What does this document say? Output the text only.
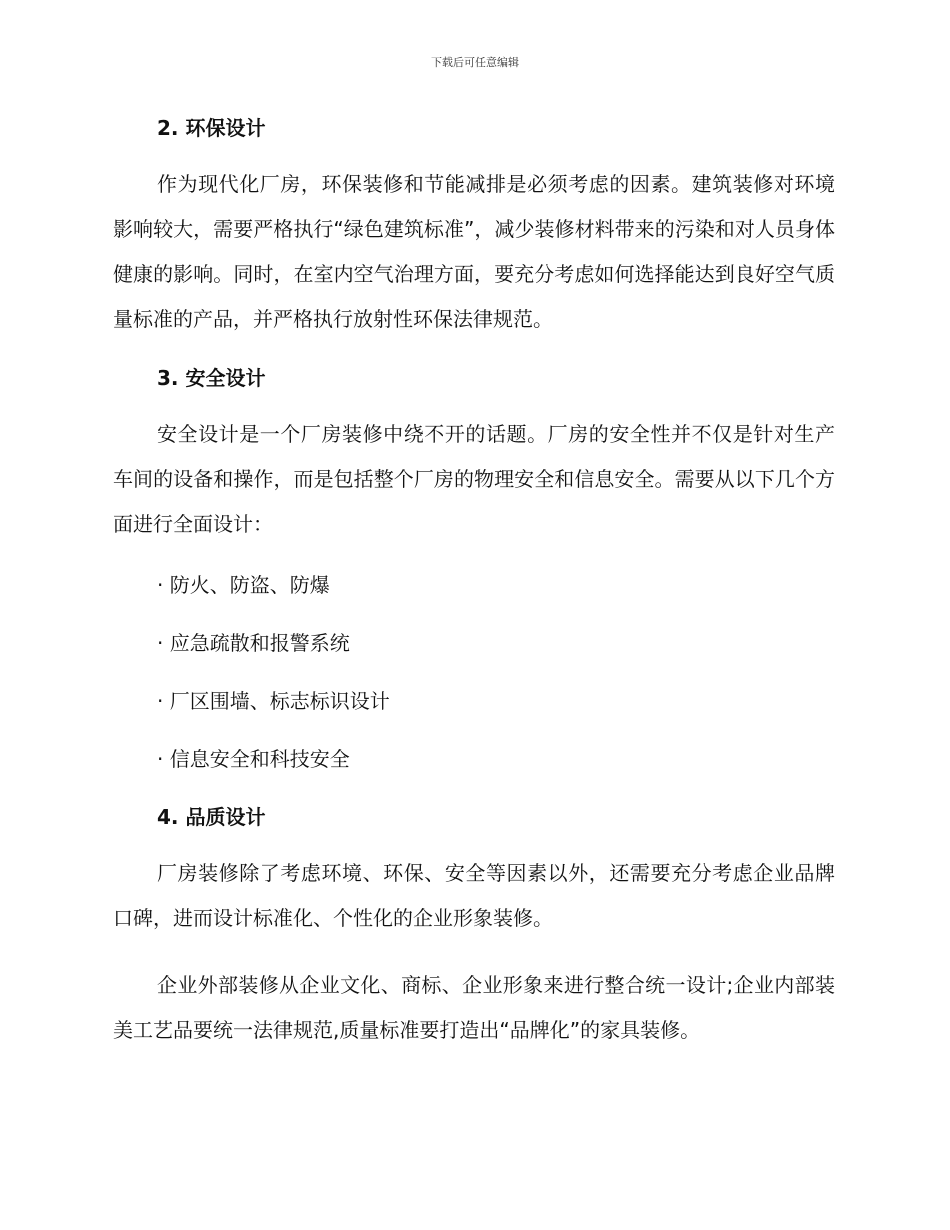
下载后可任意编辑
2. 环保设计

作为现代化厂房，环保装修和节能减排是必须考虑的因素。建筑装修对环境影响较大，需要严格执行“绿色建筑标准”，减少装修材料带来的污染和对人员身体健康的影响。同时，在室内空气治理方面，要充分考虑如何选择能达到良好空气质量标准的产品，并严格执行放射性环保法律规范。

3. 安全设计

安全设计是一个厂房装修中绕不开的话题。厂房的安全性并不仅是针对生产车间的设备和操作，而是包括整个厂房的物理安全和信息安全。需要从以下几个方面进行全面设计：

· 防火、防盗、防爆
· 应急疏散和报警系统
· 厂区围墙、标志标识设计
· 信息安全和科技安全
4. 品质设计

厂房装修除了考虑环境、环保、安全等因素以外，还需要充分考虑企业品牌口碑，进而设计标准化、个性化的企业形象装修。

企业外部装修从企业文化、商标、企业形象来进行整合统一设计;企业内部装美工艺品要统一法律规范,质量标准要打造出“品牌化”的家具装修。
